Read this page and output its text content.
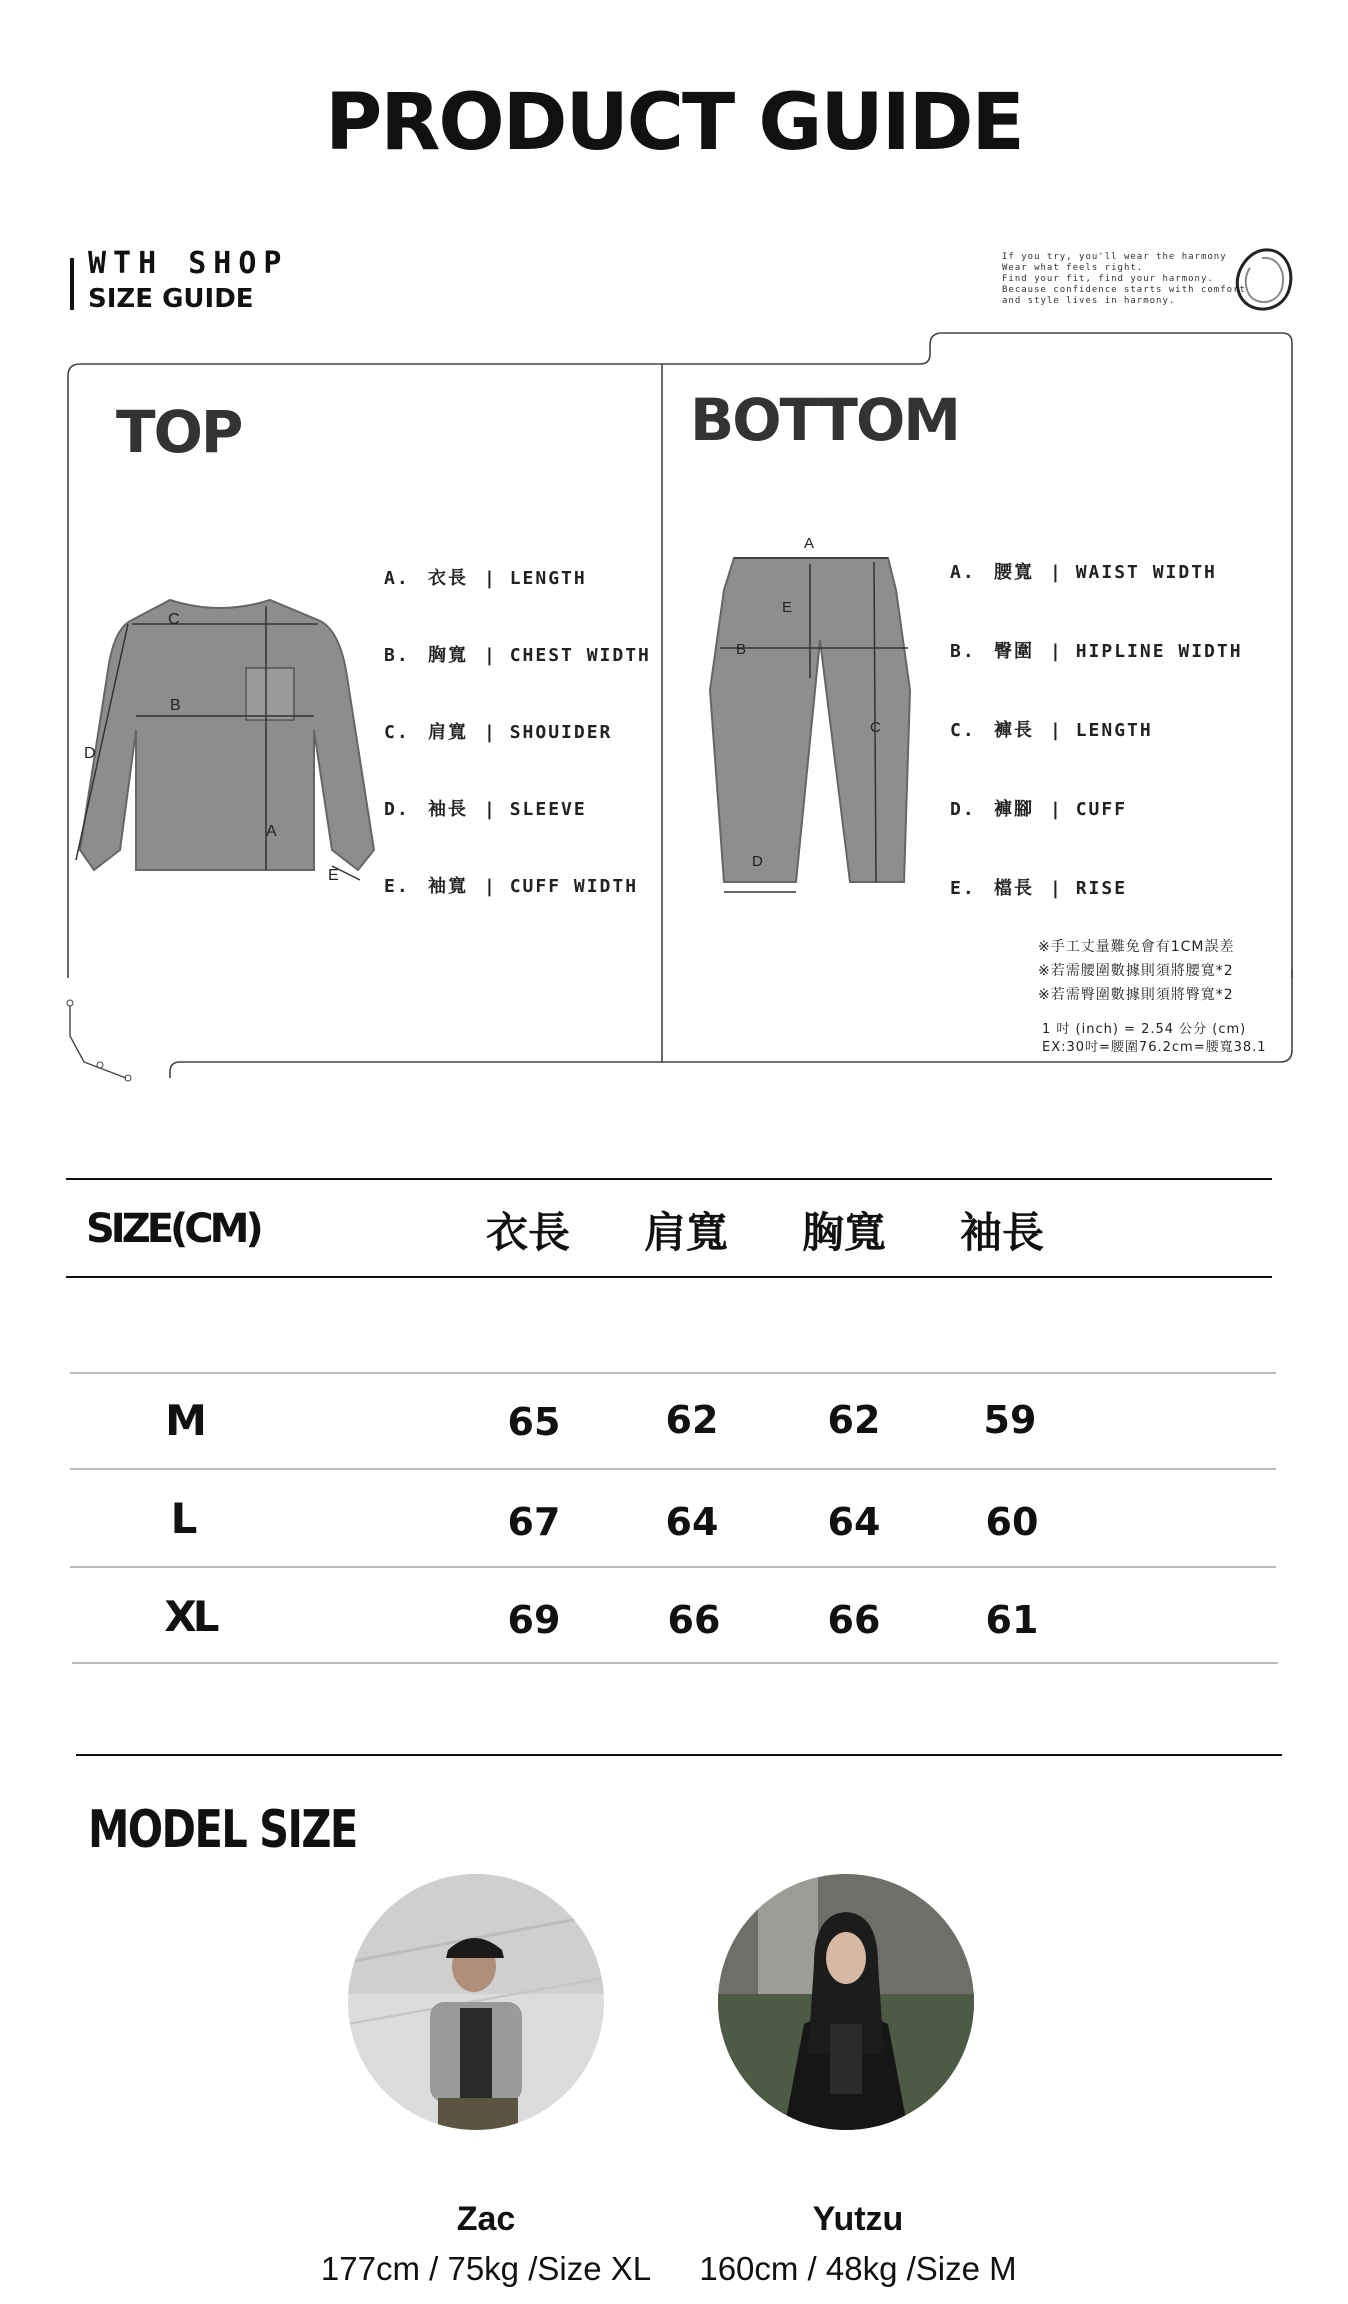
PRODUCT GUIDE
WTH SHOP
SIZE GUIDE
If you try, you'll wear the harmony
Wear what feels right.
Find your fit, find your harmony.
Because confidence starts with comfort
and style lives in harmony.
TOP
C
B
D
A
E
A. 衣長 | LENGTH
B. 胸寬 | CHEST WIDTH
C. 肩寬 | SHOUIDER
D. 袖長 | SLEEVE
E. 袖寬 | CUFF WIDTH
BOTTOM
A
B
C
D
E
A. 腰寬 | WAIST WIDTH
B. 臀圍 | HIPLINE WIDTH
C. 褲長 | LENGTH
D. 褲腳 | CUFF
E. 檔長 | RISE
※手工丈量難免會有1CM誤差
※若需腰圍數據則須將腰寬*2
※若需臀圍數據則須將臀寬*2
1 吋 (inch) = 2.54 公分 (cm)
EX:30吋=腰圍76.2cm=腰寬38.1
SIZE(CM)	衣長 肩寬 胸寬 袖長
M	65	62	62	59
L	67	64	64	60
XL	69	66	66	61
MODEL SIZE
Zac
177cm / 75kg /Size XL
Yutzu
160cm / 48kg /Size M
